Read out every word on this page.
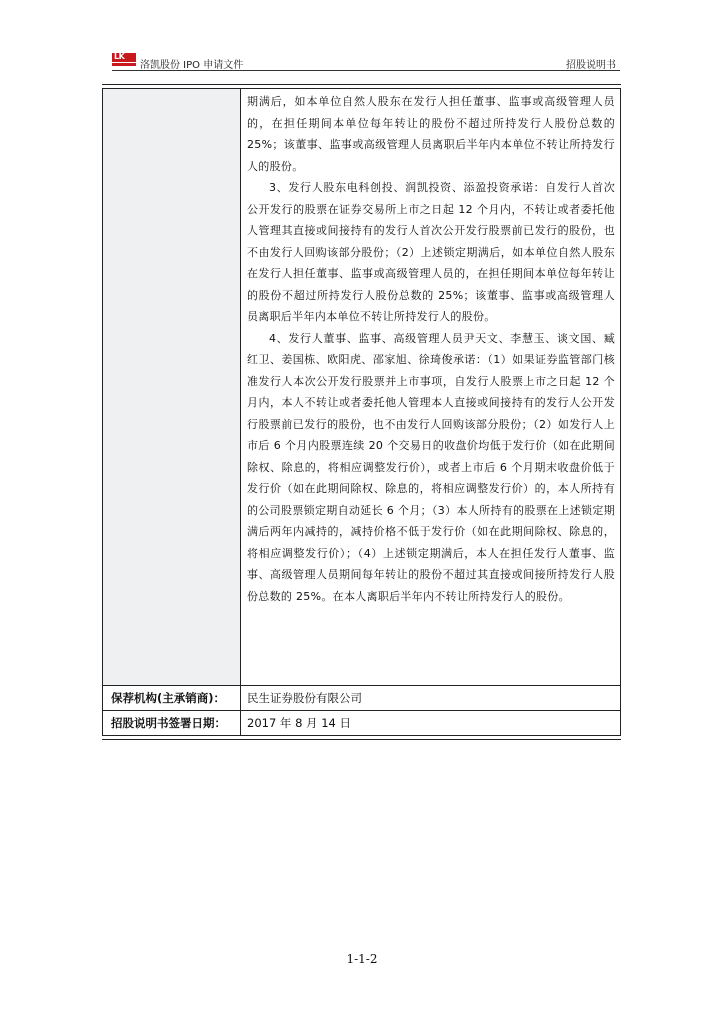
LK
洛凯股份 IPO 申请文件	招股说明书

期满后，如本单位自然人股东在发行人担任董事、监事或高级管理人员的，在担任期间本单位每年转让的股份不超过所持发行人股份总数的 25%；该董事、监事或高级管理人员离职后半年内本单位不转让所持发行人的股份。

3、发行人股东电科创投、润凯投资、添盈投资承诺：自发行人首次公开发行的股票在证券交易所上市之日起 12 个月内，不转让或者委托他人管理其直接或间接持有的发行人首次公开发行股票前已发行的股份，也不由发行人回购该部分股份；（2）上述锁定期满后，如本单位自然人股东在发行人担任董事、监事或高级管理人员的，在担任期间本单位每年转让的股份不超过所持发行人股份总数的 25%；该董事、监事或高级管理人员离职后半年内本单位不转让所持发行人的股份。

4、发行人董事、监事、高级管理人员尹天文、李慧玉、谈文国、臧红卫、姜国栋、欧阳虎、邵家旭、徐琦俊承诺：（1）如果证券监管部门核准发行人本次公开发行股票并上市事项，自发行人股票上市之日起 12 个月内，本人不转让或者委托他人管理本人直接或间接持有的发行人公开发行股票前已发行的股份，也不由发行人回购该部分股份；（2）如发行人上市后 6 个月内股票连续 20 个交易日的收盘价均低于发行价（如在此期间除权、除息的，将相应调整发行价），或者上市后 6 个月期末收盘价低于发行价（如在此期间除权、除息的，将相应调整发行价）的，本人所持有的公司股票锁定期自动延长 6 个月；（3）本人所持有的股票在上述锁定期满后两年内减持的，减持价格不低于发行价（如在此期间除权、除息的，将相应调整发行价）；（4）上述锁定期满后，本人在担任发行人董事、监事、高级管理人员期间每年转让的股份不超过其直接或间接所持发行人股份总数的 25%。在本人离职后半年内不转让所持发行人的股份。

保荐机构(主承销商)： 民生证券股份有限公司
招股说明书签署日期： 2017 年 8 月 14 日
1-1-2
